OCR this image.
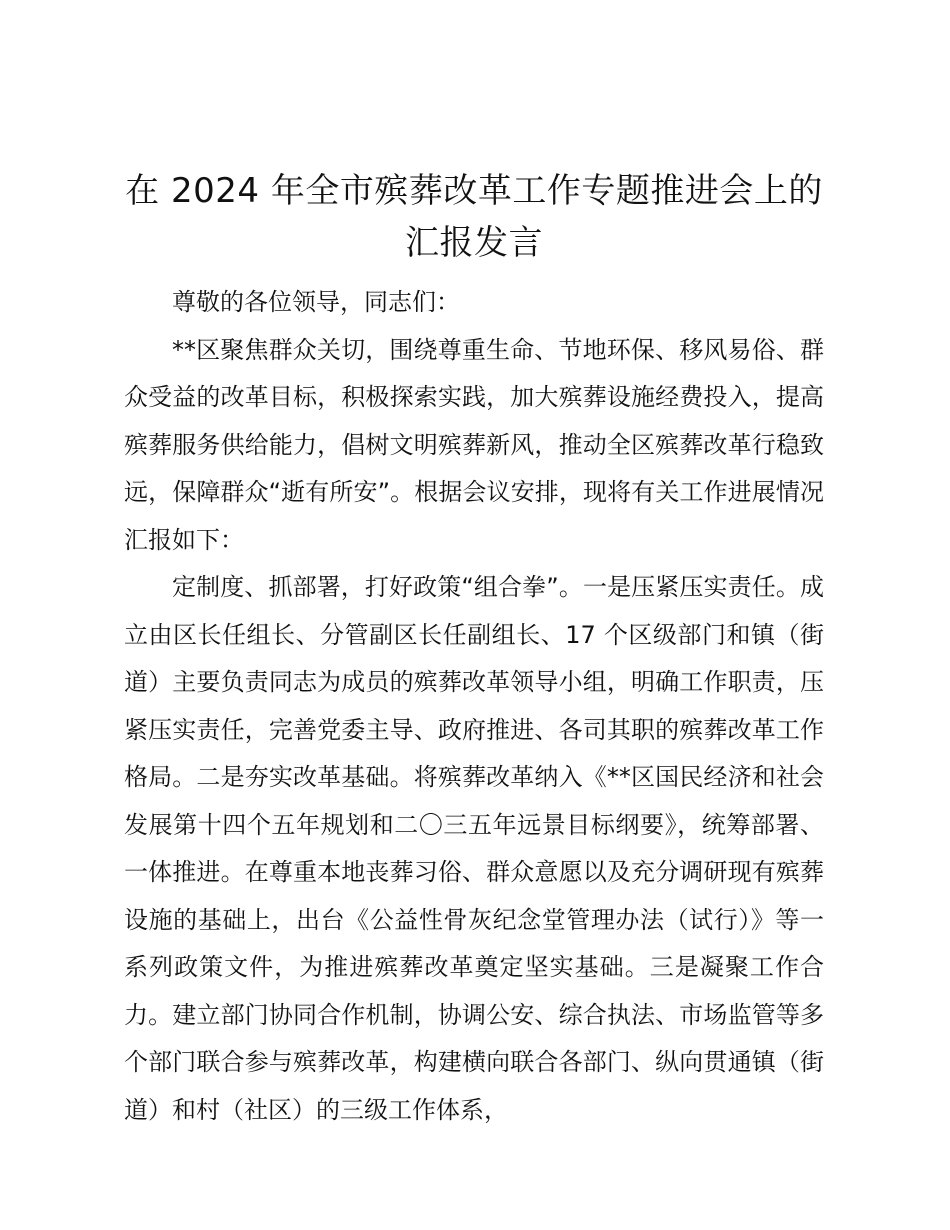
在 2024 年全市殡葬改革工作专题推进会上的汇报发言

尊敬的各位领导，同志们：

**区聚焦群众关切，围绕尊重生命、节地环保、移风易俗、群众受益的改革目标，积极探索实践，加大殡葬设施经费投入，提高殡葬服务供给能力，倡树文明殡葬新风，推动全区殡葬改革行稳致远，保障群众“逝有所安”。根据会议安排，现将有关工作进展情况汇报如下：

定制度、抓部署，打好政策“组合拳”。一是压紧压实责任。成立由区长任组长、分管副区长任副组长、17 个区级部门和镇（街道）主要负责同志为成员的殡葬改革领导小组，明确工作职责，压紧压实责任，完善党委主导、政府推进、各司其职的殡葬改革工作格局。二是夯实改革基础。将殡葬改革纳入《**区国民经济和社会发展第十四个五年规划和二〇三五年远景目标纲要》，统筹部署、一体推进。在尊重本地丧葬习俗、群众意愿以及充分调研现有殡葬设施的基础上，出台《公益性骨灰纪念堂管理办法（试行）》等一系列政策文件，为推进殡葬改革奠定坚实基础。三是凝聚工作合力。建立部门协同合作机制，协调公安、综合执法、市场监管等多个部门联合参与殡葬改革，构建横向联合各部门、纵向贯通镇（街道）和村（社区）的三级工作体系，
